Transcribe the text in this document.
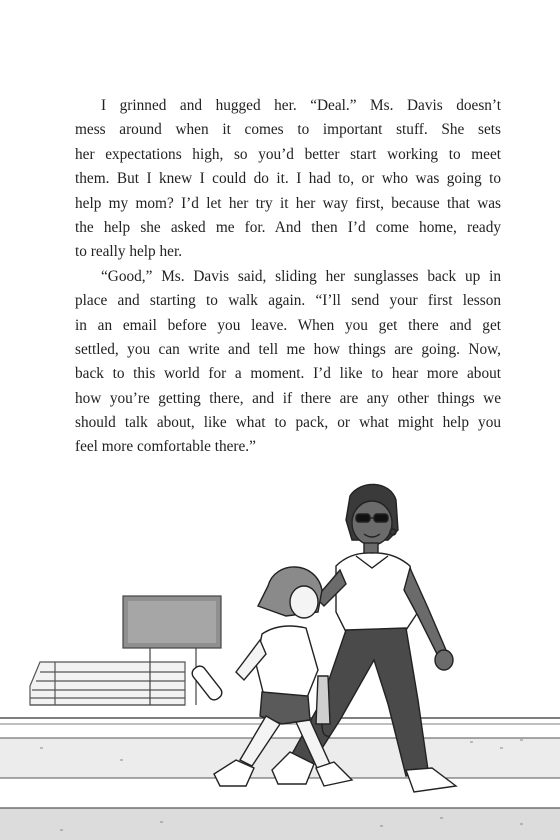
I grinned and hugged her. “Deal.” Ms. Davis doesn’t
mess around when it comes to important stuff. She sets
her expectations high, so you’d better start working to meet
them. But I knew I could do it. I had to, or who was going to
help my mom? I’d let her try it her way first, because that was
the help she asked me for. And then I’d come home, ready
to really help her.
“Good,” Ms. Davis said, sliding her sunglasses back up in
place and starting to walk again. “I’ll send your first lesson
in an email before you leave. When you get there and get
settled, you can write and tell me how things are going. Now,
back to this world for a moment. I’d like to hear more about
how you’re getting there, and if there are any other things we
should talk about, like what to pack, or what might help you
feel more comfortable there.”
